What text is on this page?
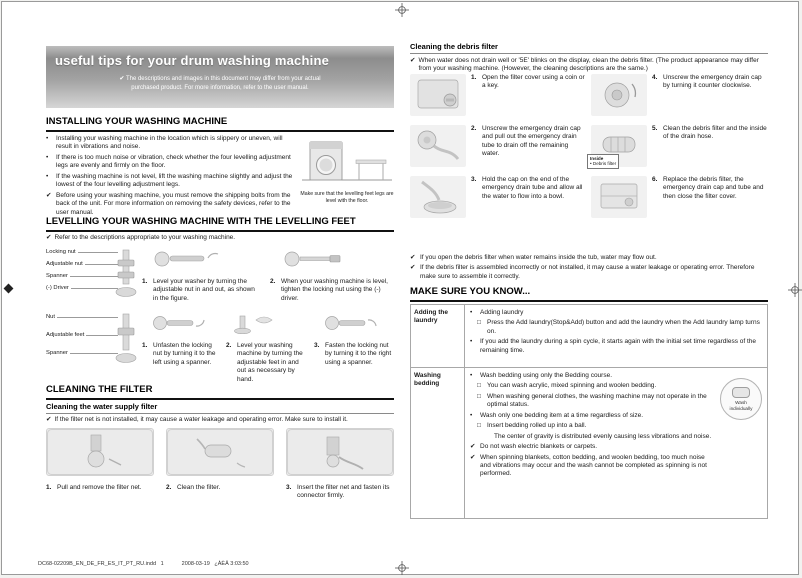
useful tips for your drum washing machine
✔ The descriptions and images in this document may differ from your actual
purchased product. For more information, refer to the user manual.
INSTALLING YOUR WASHING MACHINE
•	Installing your washing machine in the location which is slippery or uneven, will result in vibrations and noise.
•	If there is too much noise or vibration, check whether the four levelling adjustment legs are evenly and firmly on the floor.
•	If the washing machine is not level, lift the washing machine slightly and adjust the lowest of the four levelling adjustment legs.
✔ Before using your washing machine, you must remove the shipping bolts from the back of the unit. For more information on removing the safety devices, refer to the user manual.
Make sure that the levelling feet legs are level with the floor.
LEVELLING YOUR WASHING MACHINE WITH THE LEVELLING FEET
✔ Refer to the descriptions appropriate to your washing machine.
Locking nut
Adjustable nut
Spanner
(-) Driver
1. Level your washer by turning the adjustable nut in and out, as shown in the figure.
2. When your washing machine is level, tighten the locking nut using the (-) driver.
Nut
Adjustable feet
Spanner
1. Unfasten the locking nut by turning it to the left using a spanner.
2. Level your washing machine by turning the adjustable feet in and out as necessary by hand.
3. Fasten the locking nut by turning it to the right using a spanner.
CLEANING THE FILTER
Cleaning the water supply filter
✔ If the filter net is not installed, it may cause a water leakage and operating error. Make sure to install it.
1. Pull and remove the filter net.	2. Clean the filter.	3. Insert the filter net and fasten its connector firmly.
Cleaning the debris filter
✔ When water does not drain well or '5E' blinks on the display, clean the debris filter. (The product appearance may differ from your washing machine. (However, the cleaning descriptions are the same.)
1. Open the filter cover using a coin or a key.
4. Unscrew the emergency drain cap by turning it counter clockwise.
2. Unscrew the emergency drain cap and pull out the emergency drain tube to drain off the remaining water.
Inside
• Debris filter
5. Clean the debris filter and the inside of the drain hose.
3. Hold the cap on the end of the emergency drain tube and allow all the water to flow into a bowl.
6. Replace the debris filter, the emergency drain cap and tube and then close the filter cover.
✔ If you open the debris filter when water remains inside the tub, water may flow out.
✔ If the debris filter is assembled incorrectly or not installed, it may cause a water leakage or operating error. Therefore make sure to assemble it correctly.
MAKE SURE YOU KNOW...
Adding the laundry
•	Adding laundry
□ Press the Add laundry(Stop&Add) button and add the laundry when the Add laundry lamp turns on.
•	If you add the laundry during a spin cycle, it starts again with the initial set time regardless of the remaining time.
Washing bedding
•	Wash bedding using only the Bedding course.
□ You can wash acrylic, mixed spinning and woolen bedding.
□ When washing general clothes, the washing machine may not operate in the optimal status.
•	Wash only one bedding item at a time regardless of size.
□ Insert bedding rolled up into a ball.
The center of gravity is distributed evenly causing less vibrations and noise.
✔ Do not wash electric blankets or carpets.
✔ When spinning blankets, cotton bedding, and woolen bedding, too much noise and vibrations may occur and the wash cannot be completed as spinning is not performed.
Wash individually
DC68-02209B_EN_DE_FR_ES_IT_PT_RU.indd   1	2008-03-19   ¿ÀÈÄ 3:03:50
